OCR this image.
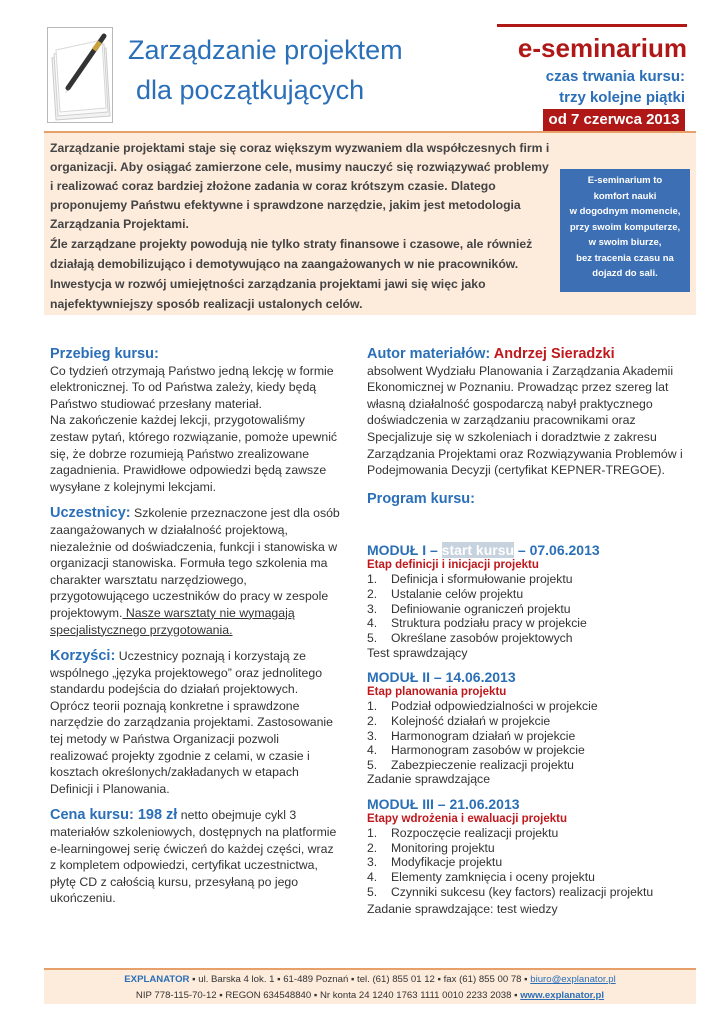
Zarządzanie projektem
dla początkujących
e-seminarium
czas trwania kursu:
trzy kolejne piątki
od 7 czerwca 2013

Zarządzanie projektami staje się coraz większym wyzwaniem dla współczesnych firm i organizacji. Aby osiągać zamierzone cele, musimy nauczyć się rozwiązywać problemy i realizować coraz bardziej złożone zadania w coraz krótszym czasie. Dlatego proponujemy Państwu efektywne i sprawdzone narzędzie, jakim jest metodologia Zarządzania Projektami.

Źle zarządzane projekty powodują nie tylko straty finansowe i czasowe, ale również działają demobilizująco i demotywująco na zaangażowanych w nie pracowników.

Inwestycja w rozwój umiejętności zarządzania projektami jawi się więc jako najefektywniejszy sposób realizacji ustalonych celów.

E-seminarium to
komfort nauki
w dogodnym momencie,
przy swoim komputerze,
w swoim biurze,
bez tracenia czasu na
dojazd do sali.
Przebieg kursu:

Co tydzień otrzymają Państwo jedną lekcję w formie elektronicznej. To od Państwa zależy, kiedy będą Państwo studiować przesłany materiał.

Na zakończenie każdej lekcji, przygotowaliśmy zestaw pytań, którego rozwiązanie, pomoże upewnić się, że dobrze rozumieją Państwo zrealizowane zagadnienia. Prawidłowe odpowiedzi będą zawsze wysyłane z kolejnymi lekcjami.

Uczestnicy: Szkolenie przeznaczone jest dla osób zaangażowanych w działalność projektową, niezależnie od doświadczenia, funkcji i stanowiska w organizacji stanowiska. Formuła tego szkolenia ma charakter warsztatu narzędziowego, przygotowującego uczestników do pracy w zespole projektowym. Nasze warsztaty nie wymagają specjalistycznego przygotowania.

Korzyści: Uczestnicy poznają i korzystają ze wspólnego „języka projektowego” oraz jednolitego standardu podejścia do działań projektowych. Oprócz teorii poznają konkretne i sprawdzone narzędzie do zarządzania projektami. Zastosowanie tej metody w Państwa Organizacji pozwoli realizować projekty zgodnie z celami, w czasie i kosztach określonych/zakładanych w etapach Definicji i Planowania.

Cena kursu: 198 zł netto obejmuje cykl 3 materiałów szkoleniowych, dostępnych na platformie e-learningowej serię ćwiczeń do każdej części, wraz z kompletem odpowiedzi, certyfikat uczestnictwa, płytę CD z całością kursu, przesyłaną po jego ukończeniu.

Autor materiałów: Andrzej Sieradzki

absolwent Wydziału Planowania i Zarządzania Akademii Ekonomicznej w Poznaniu. Prowadząc przez szereg lat własną działalność gospodarczą nabył praktycznego doświadczenia w zarządzaniu pracownikami oraz Specjalizuje się w szkoleniach i doradztwie z zakresu Zarządzania Projektami oraz Rozwiązywania Problemów i Podejmowania Decyzji (certyfikat KEPNER-TREGOE).

Program kursu:
MODUŁ I – start kursu – 07.06.2013
Etap definicji i inicjacji projektu
1.	Definicja i sformułowanie projektu
2.	Ustalanie celów projektu
3.	Definiowanie ograniczeń projektu
4.	Struktura podziału pracy w projekcie
5.	Określane zasobów projektowych
Test sprawdzający
MODUŁ II – 14.06.2013
Etap planowania projektu
1.	Podział odpowiedzialności w projekcie
2.	Kolejność działań w projekcie
3.	Harmonogram działań w projekcie
4.	Harmonogram zasobów w projekcie
5.	Zabezpieczenie realizacji projektu
Zadanie sprawdzające
MODUŁ III – 21.06.2013
Etapy wdrożenia i ewaluacji projektu
1.	Rozpoczęcie realizacji projektu
2.	Monitoring projektu
3.	Modyfikacje projektu
4.	Elementy zamknięcia i oceny projektu
5.	Czynniki sukcesu (key factors) realizacji projektu
Zadanie sprawdzające: test wiedzy
EXPLANATOR ▪ ul. Barska 4 lok. 1 ▪ 61-489 Poznań ▪ tel. (61) 855 01 12 ▪ fax (61) 855 00 78 ▪ biuro@explanator.pl
NIP 778-115-70-12 ▪ REGON 634548840 ▪ Nr konta 24 1240 1763 1111 0010 2233 2038 ▪ www.explanator.pl
